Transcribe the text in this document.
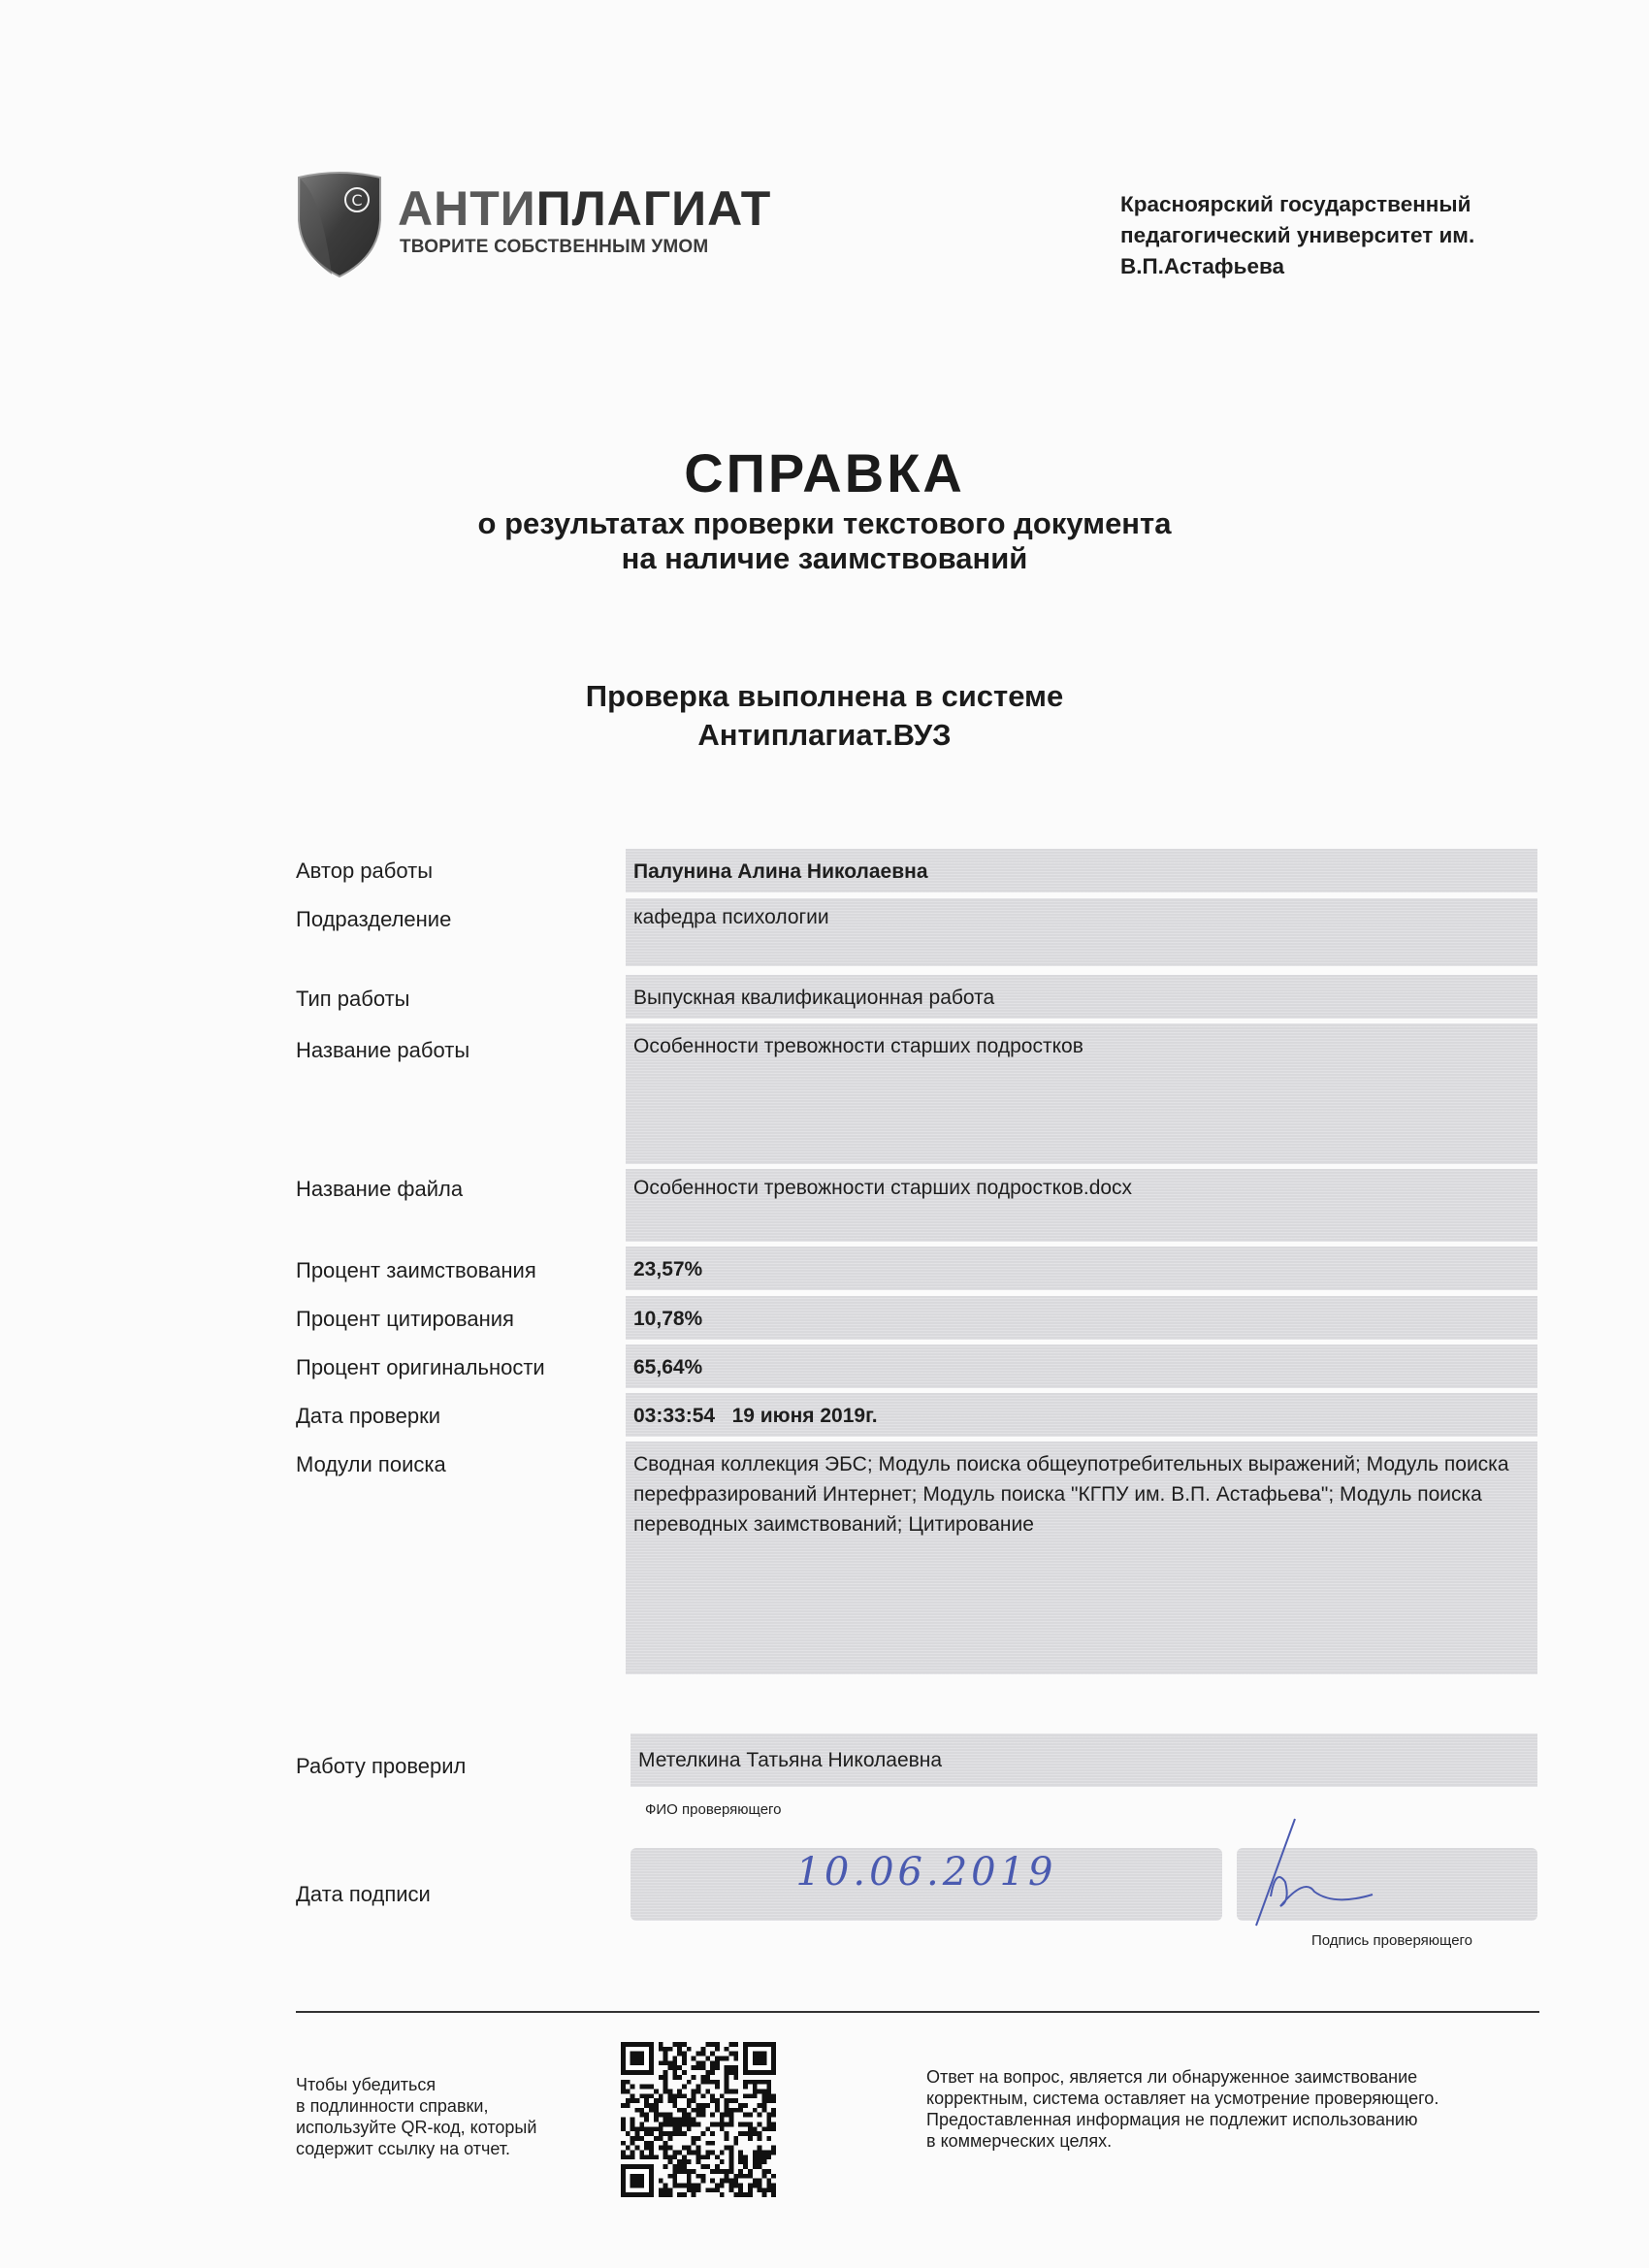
C АНТИПЛАГИАТ
ТВОРИТЕ СОБСТВЕННЫМ УМОМ
Красноярский государственный
педагогический университет им.
В.П.Астафьева
СПРАВКА
о результатах проверки текстового документа
на наличие заимствований
Проверка выполнена в системе
Антиплагиат.ВУЗ
Автор работы	Палунина Алина Николаевна
Подразделение	кафедра психологии
Тип работы	Выпускная квалификационная работа
Название работы	Особенности тревожности старших подростков
Название файла	Особенности тревожности старших подростков.docx
Процент заимствования	23,57%
Процент цитирования	10,78%
Процент оригинальности	65,64%
Дата проверки	03:33:54   19 июня 2019г.
Модули поиска	Сводная коллекция ЭБС; Модуль поиска общеупотребительных выражений; Модуль поиска перефразирований Интернет; Модуль поиска "КГПУ им. В.П. Астафьева"; Модуль поиска переводных заимствований; Цитирование
Работу проверил	Метелкина Татьяна Николаевна
ФИО проверяющего
Дата подписи	10.06.2019
Подпись проверяющего
Чтобы убедиться
в подлинности справки,
используйте QR-код, который
содержит ссылку на отчет.
Ответ на вопрос, является ли обнаруженное заимствование
корректным, система оставляет на усмотрение проверяющего.
Предоставленная информация не подлежит использованию
в коммерческих целях.
